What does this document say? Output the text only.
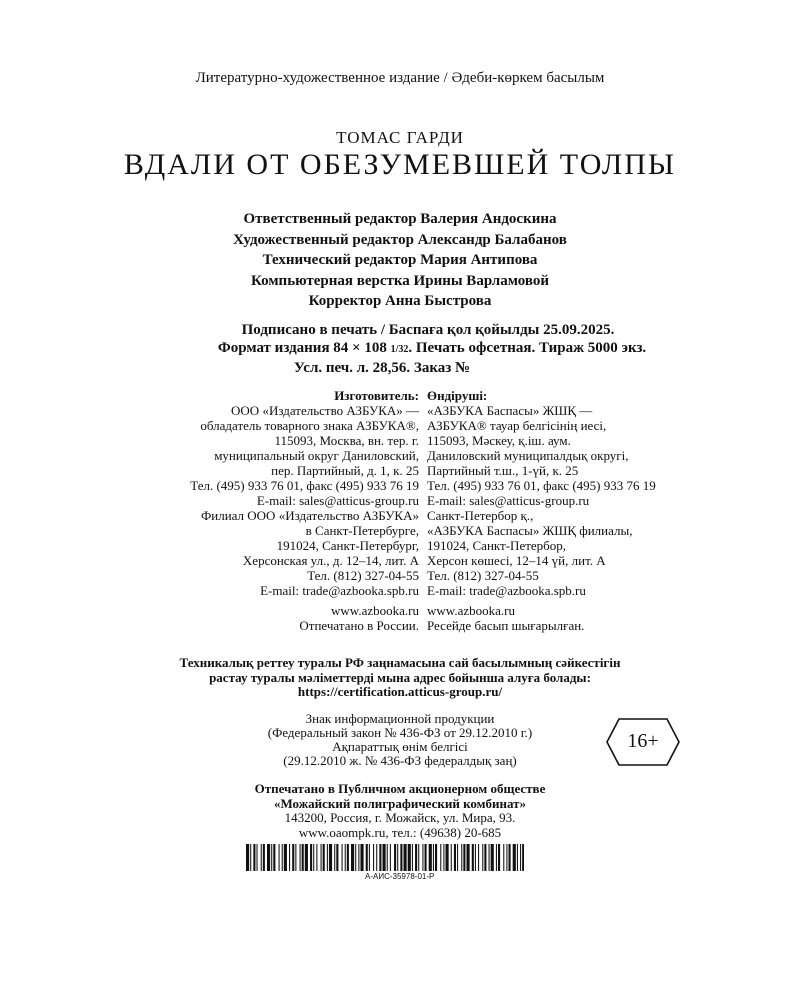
Литературно-художественное издание / Әдеби-көркем басылым
ТОМАС ГАРДИ
ВДАЛИ ОТ ОБЕЗУМЕВШЕЙ ТОЛПЫ
Ответственный редактор Валерия Андоскина
Художественный редактор Александр Балабанов
Технический редактор Мария Антипова
Компьютерная верстка Ирины Варламовой
Корректор Анна Быстрова
Подписано в печать / Баспаға қол қойылды 25.09.2025.
Формат издания 84 × 108 1/32. Печать офсетная. Тираж 5000 экз.
Усл. печ. л. 28,56. Заказ №
Изготовитель:
ООО «Издательство АЗБУКА» —
обладатель товарного знака АЗБУКА®,
115093, Москва, вн. тер. г.
муниципальный округ Даниловский,
пер. Партийный, д. 1, к. 25
Тел. (495) 933 76 01, факс (495) 933 76 19
E-mail: sales@atticus-group.ru
Филиал ООО «Издательство АЗБУКА»
в Санкт-Петербурге,
191024, Санкт-Петербург,
Херсонская ул., д. 12–14, лит. А
Тел. (812) 327-04-55
E-mail: trade@azbooka.spb.ru
www.azbooka.ru
Отпечатано в России.
Өндіруші:
«АЗБУКА Баспасы» ЖШҚ —
АЗБУКА® тауар белгісінің иесі,
115093, Мәскеу, қ.іш. аум.
Даниловский муниципалдық округі,
Партийный т.ш., 1-үй, к. 25
Тел. (495) 933 76 01, факс (495) 933 76 19
E-mail: sales@atticus-group.ru
Санкт-Петербор қ.,
«АЗБУКА Баспасы» ЖШҚ филиалы,
191024, Санкт-Петербор,
Херсон көшесі, 12–14 үй, лит. А
Тел. (812) 327-04-55
E-mail: trade@azbooka.spb.ru
www.azbooka.ru
Ресейде басып шығарылған.
Техникалық реттеу туралы РФ заңнамасына сай басылымның сәйкестігін
растау туралы мәліметтерді мына адрес бойынша алуға болады:
https://certification.atticus-group.ru/
Знак информационной продукции
(Федеральный закон № 436-ФЗ от 29.12.2010 г.)
Ақпараттық өнім белгісі
(29.12.2010 ж. № 436-ФЗ федералдық заң)
16+
Отпечатано в Публичном акционерном обществе
«Можайский полиграфический комбинат»
143200, Россия, г. Можайск, ул. Мира, 93.
www.oaompk.ru, тел.: (49638) 20-685
A-AИС-35978-01-Р
